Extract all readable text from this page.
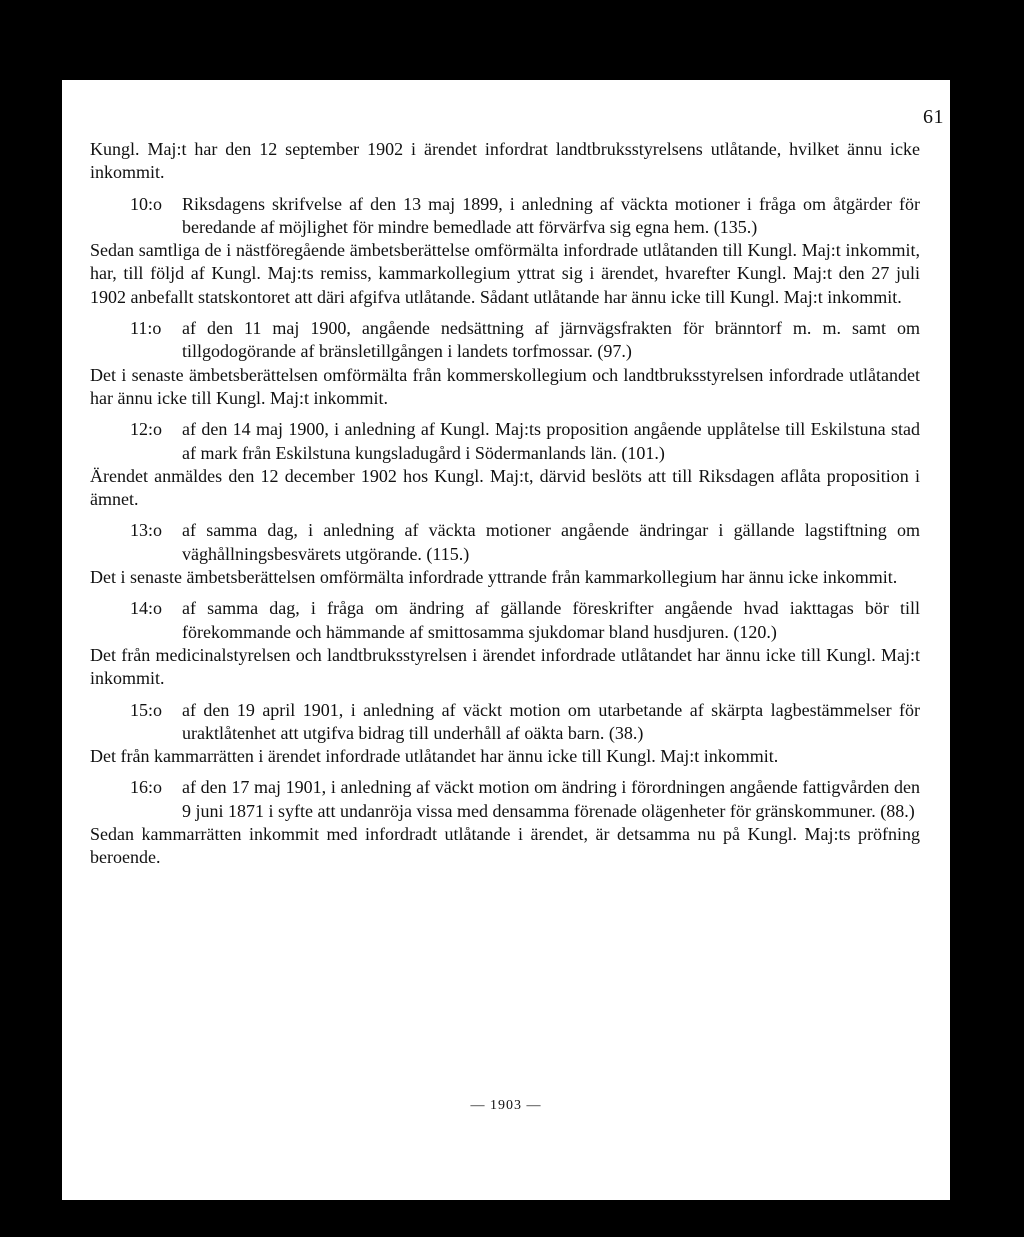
61

Kungl. Maj:t har den 12 september 1902 i ärendet infordrat landtbruksstyrelsens utlåtande, hvilket ännu icke inkommit.

10:o Riksdagens skrifvelse af den 13 maj 1899, i anledning af väckta motioner i fråga om åtgärder för beredande af möjlighet för mindre bemedlade att förvärfva sig egna hem. (135.)

Sedan samtliga de i nästföregående ämbetsberättelse omförmälta infordrade utlåtanden till Kungl. Maj:t inkommit, har, till följd af Kungl. Maj:ts remiss, kammarkollegium yttrat sig i ärendet, hvarefter Kungl. Maj:t den 27 juli 1902 anbefallt statskontoret att däri afgifva utlåtande. Sådant utlåtande har ännu icke till Kungl. Maj:t inkommit.

11:o af den 11 maj 1900, angående nedsättning af järnvägsfrakten för bränntorf m. m. samt om tillgodogörande af bränsletillgången i landets torfmossar. (97.)

Det i senaste ämbetsberättelsen omförmälta från kommerskollegium och landtbruksstyrelsen infordrade utlåtandet har ännu icke till Kungl. Maj:t inkommit.

12:o af den 14 maj 1900, i anledning af Kungl. Maj:ts proposition angående upplåtelse till Eskilstuna stad af mark från Eskilstuna kungsladugård i Södermanlands län. (101.)

Ärendet anmäldes den 12 december 1902 hos Kungl. Maj:t, därvid beslöts att till Riksdagen aflåta proposition i ämnet.

13:o af samma dag, i anledning af väckta motioner angående ändringar i gällande lagstiftning om väghållningsbesvärets utgörande. (115.)

Det i senaste ämbetsberättelsen omförmälta infordrade yttrande från kammarkollegium har ännu icke inkommit.

14:o af samma dag, i fråga om ändring af gällande föreskrifter angående hvad iakttagas bör till förekommande och hämmande af smittosamma sjukdomar bland husdjuren. (120.)

Det från medicinalstyrelsen och landtbruksstyrelsen i ärendet infordrade utlåtandet har ännu icke till Kungl. Maj:t inkommit.

15:o af den 19 april 1901, i anledning af väckt motion om utarbetande af skärpta lagbestämmelser för uraktlåtenhet att utgifva bidrag till underhåll af oäkta barn. (38.)

Det från kammarrätten i ärendet infordrade utlåtandet har ännu icke till Kungl. Maj:t inkommit.

16:o af den 17 maj 1901, i anledning af väckt motion om ändring i förordningen angående fattigvården den 9 juni 1871 i syfte att undanröja vissa med densamma förenade olägenheter för gränskommuner. (88.)

Sedan kammarrätten inkommit med infordradt utlåtande i ärendet, är detsamma nu på Kungl. Maj:ts pröfning beroende.

— 1903 —
